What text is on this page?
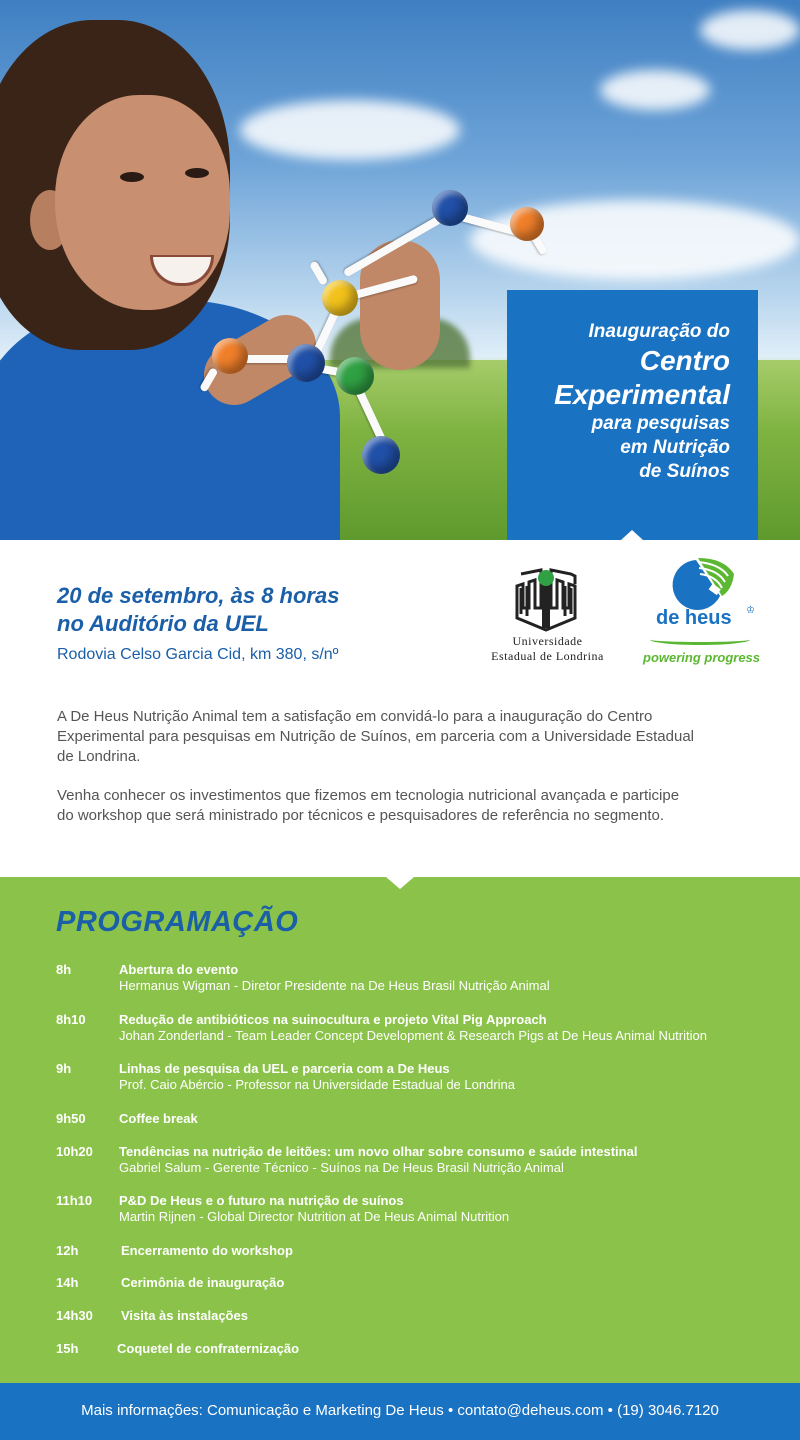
Inauguração do
Centro
Experimental
para pesquisas
em Nutrição
de Suínos
20 de setembro, às 8 horas
no Auditório da UEL
Rodovia Celso Garcia Cid, km 380, s/nº
Universidade
Estadual de Londrina
de heus ♔
powering progress
A De Heus Nutrição Animal tem a satisfação em convidá-lo para a inauguração do Centro Experimental para pesquisas em Nutrição de Suínos, em parceria com a Universidade Estadual de Londrina.
Venha conhecer os investimentos que fizemos em tecnologia nutricional avançada e participe do workshop que será ministrado por técnicos e pesquisadores de referência no segmento.
PROGRAMAÇÃO
8h	Abertura do evento
Hermanus Wigman - Diretor Presidente na De Heus Brasil Nutrição Animal
8h10	Redução de antibióticos na suinocultura e projeto Vital Pig Approach
Johan Zonderland - Team Leader Concept Development & Research Pigs at De Heus Animal Nutrition
9h	Linhas de pesquisa da UEL e parceria com a De Heus
Prof. Caio Abércio - Professor na Universidade Estadual de Londrina
9h50	Coffee break
10h20 Tendências na nutrição de leitões: um novo olhar sobre consumo e saúde intestinal
Gabriel Salum - Gerente Técnico - Suínos na De Heus Brasil Nutrição Animal
11h10 P&D De Heus e o futuro na nutrição de suínos
Martin Rijnen - Global Director Nutrition at De Heus Animal Nutrition
12h	Encerramento do workshop
14h	Cerimônia de inauguração
14h30 Visita às instalações
15h	Coquetel de confraternização
Mais informações: Comunicação e Marketing De Heus • contato@deheus.com • (19) 3046.7120
